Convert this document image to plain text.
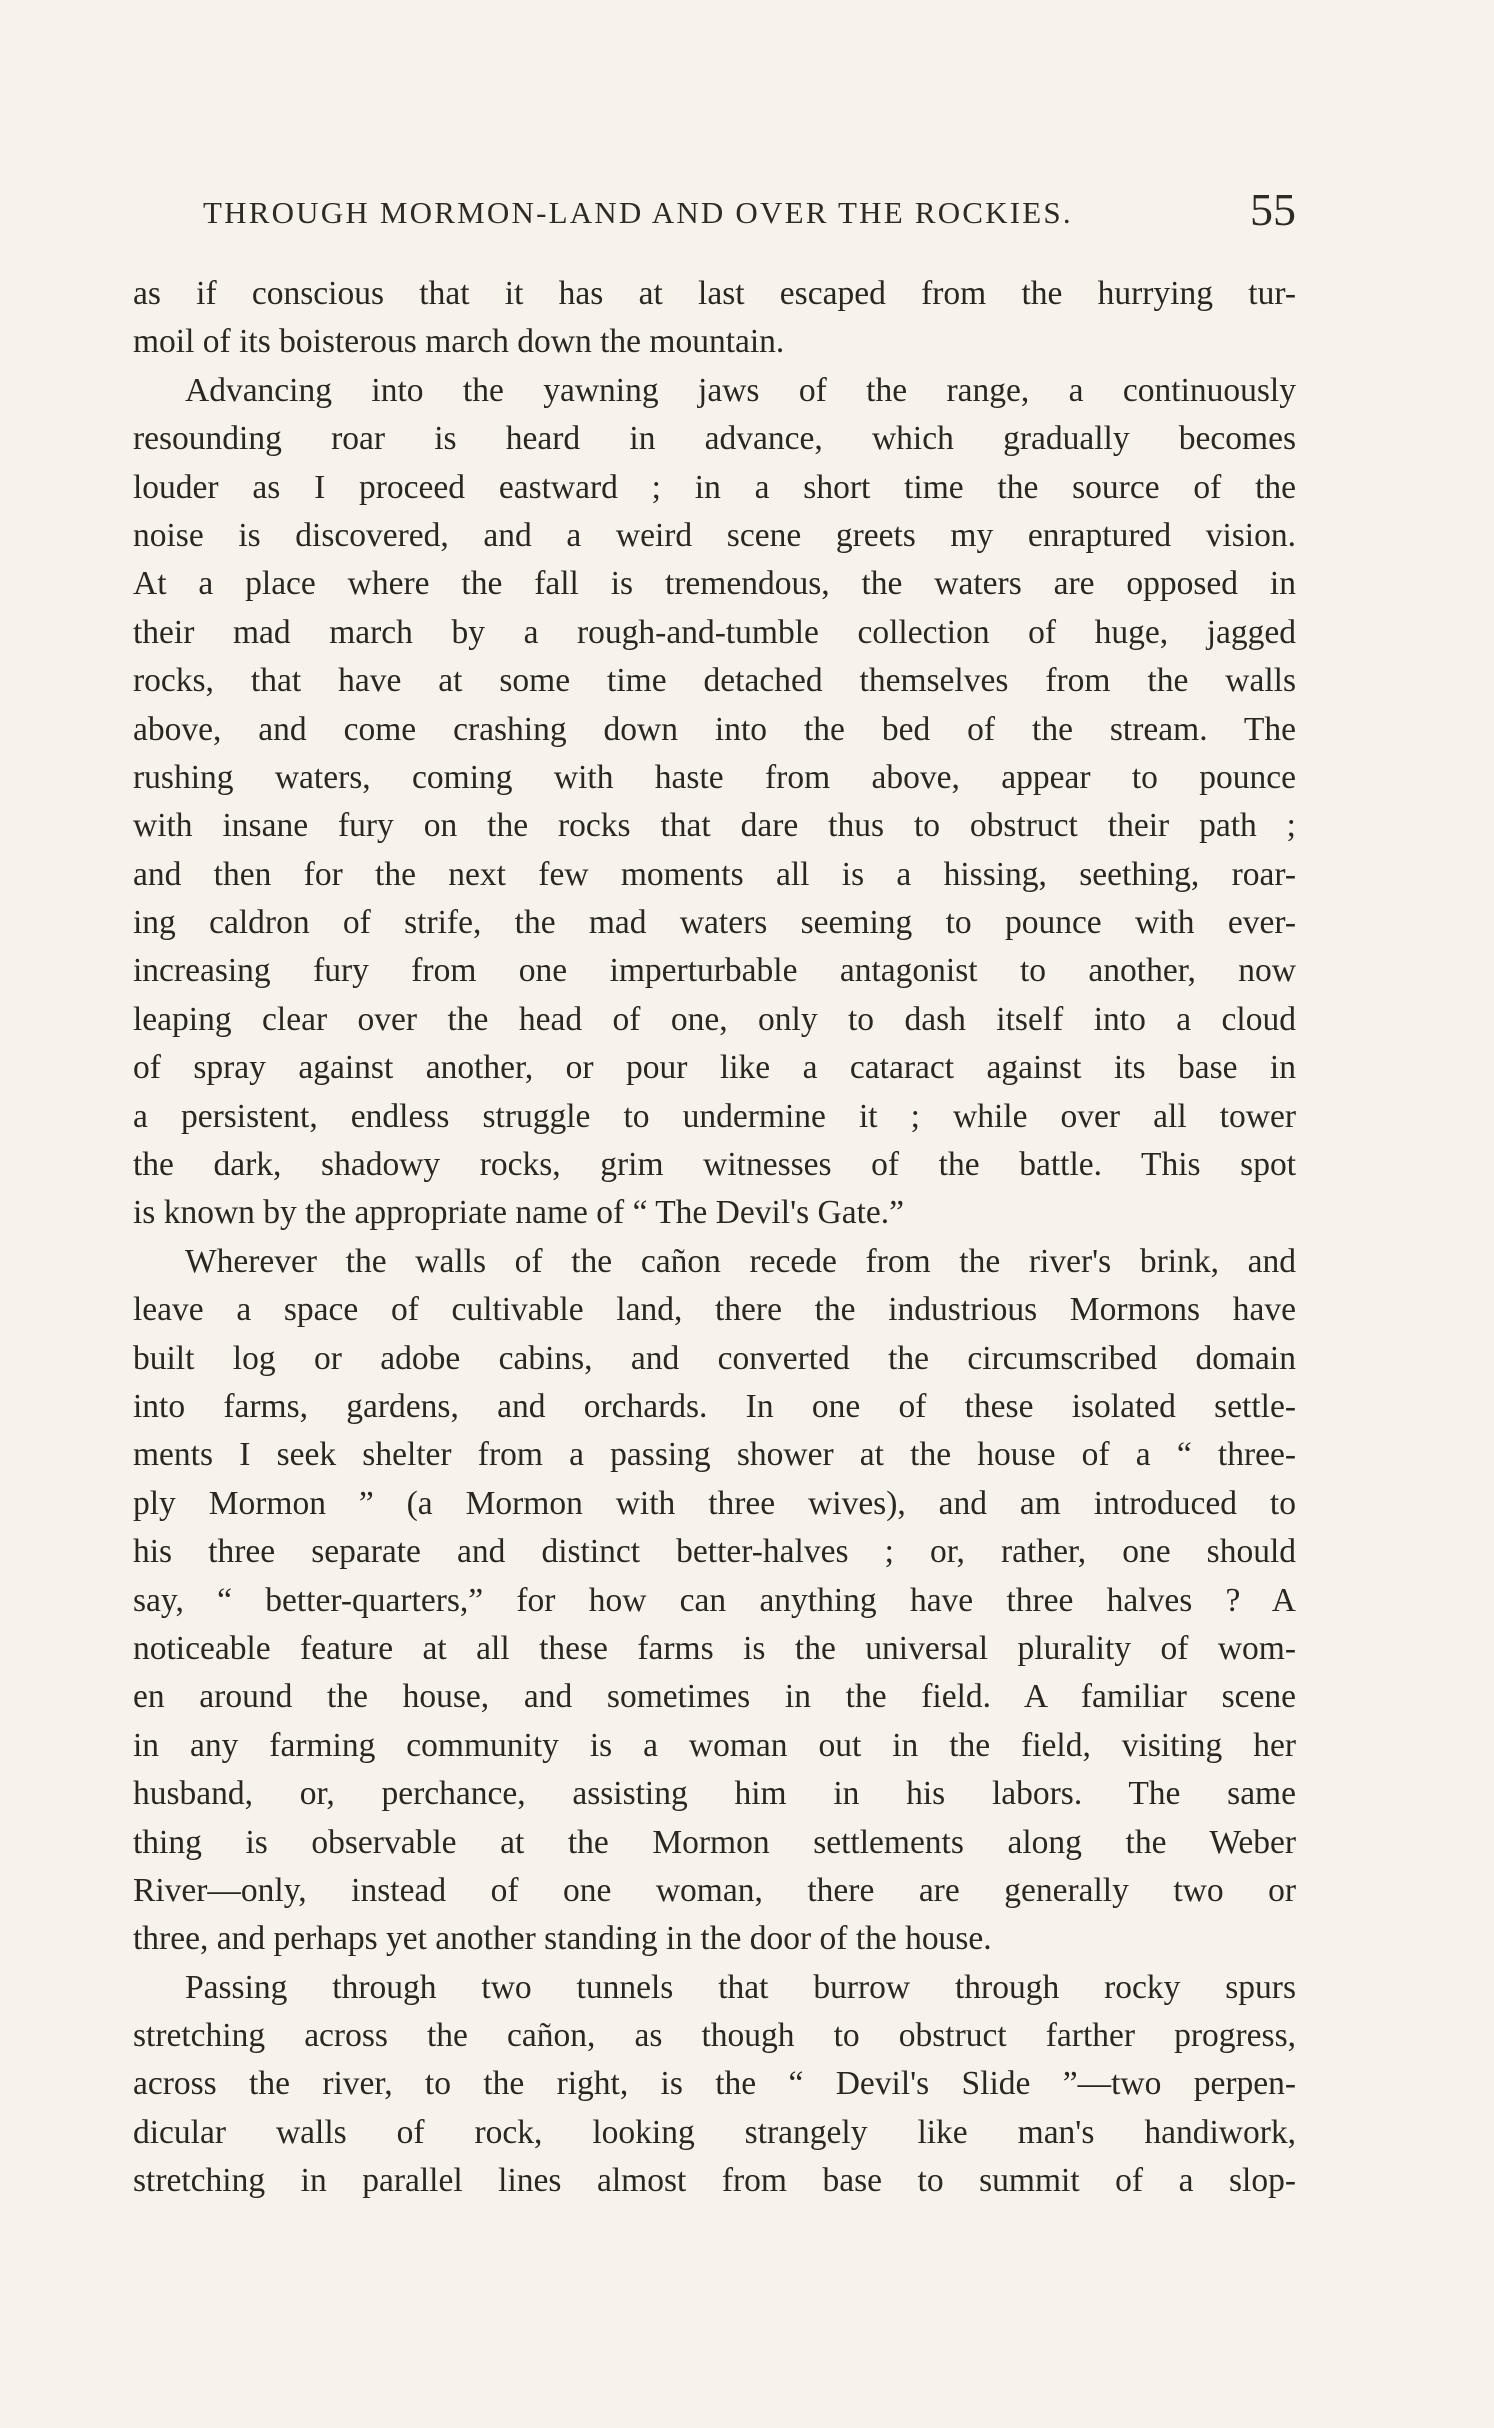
THROUGH MORMON-LAND AND OVER THE ROCKIES.	55
as if conscious that it has at last escaped from the hurrying tur-
moil of its boisterous march down the mountain.
Advancing into the yawning jaws of the range, a continuously
resounding roar is heard in advance, which gradually becomes
louder as I proceed eastward ; in a short time the source of the
noise is discovered, and a weird scene greets my enraptured vision.
At a place where the fall is tremendous, the waters are opposed in
their mad march by a rough-and-tumble collection of huge, jagged
rocks, that have at some time detached themselves from the walls
above, and come crashing down into the bed of the stream. The
rushing waters, coming with haste from above, appear to pounce
with insane fury on the rocks that dare thus to obstruct their path ;
and then for the next few moments all is a hissing, seething, roar-
ing caldron of strife, the mad waters seeming to pounce with ever-
increasing fury from one imperturbable antagonist to another, now
leaping clear over the head of one, only to dash itself into a cloud
of spray against another, or pour like a cataract against its base in
a persistent, endless struggle to undermine it ; while over all tower
the dark, shadowy rocks, grim witnesses of the battle. This spot
is known by the appropriate name of “ The Devil's Gate.”
Wherever the walls of the cañon recede from the river's brink, and
leave a space of cultivable land, there the industrious Mormons have
built log or adobe cabins, and converted the circumscribed domain
into farms, gardens, and orchards. In one of these isolated settle-
ments I seek shelter from a passing shower at the house of a “ three-
ply Mormon ” (a Mormon with three wives), and am introduced to
his three separate and distinct better-halves ; or, rather, one should
say, “ better-quarters,” for how can anything have three halves ? A
noticeable feature at all these farms is the universal plurality of wom-
en around the house, and sometimes in the field. A familiar scene
in any farming community is a woman out in the field, visiting her
husband, or, perchance, assisting him in his labors. The same
thing is observable at the Mormon settlements along the Weber
River—only, instead of one woman, there are generally two or
three, and perhaps yet another standing in the door of the house.
Passing through two tunnels that burrow through rocky spurs
stretching across the cañon, as though to obstruct farther progress,
across the river, to the right, is the “ Devil's Slide ”—two perpen-
dicular walls of rock, looking strangely like man's handiwork,
stretching in parallel lines almost from base to summit of a slop-
